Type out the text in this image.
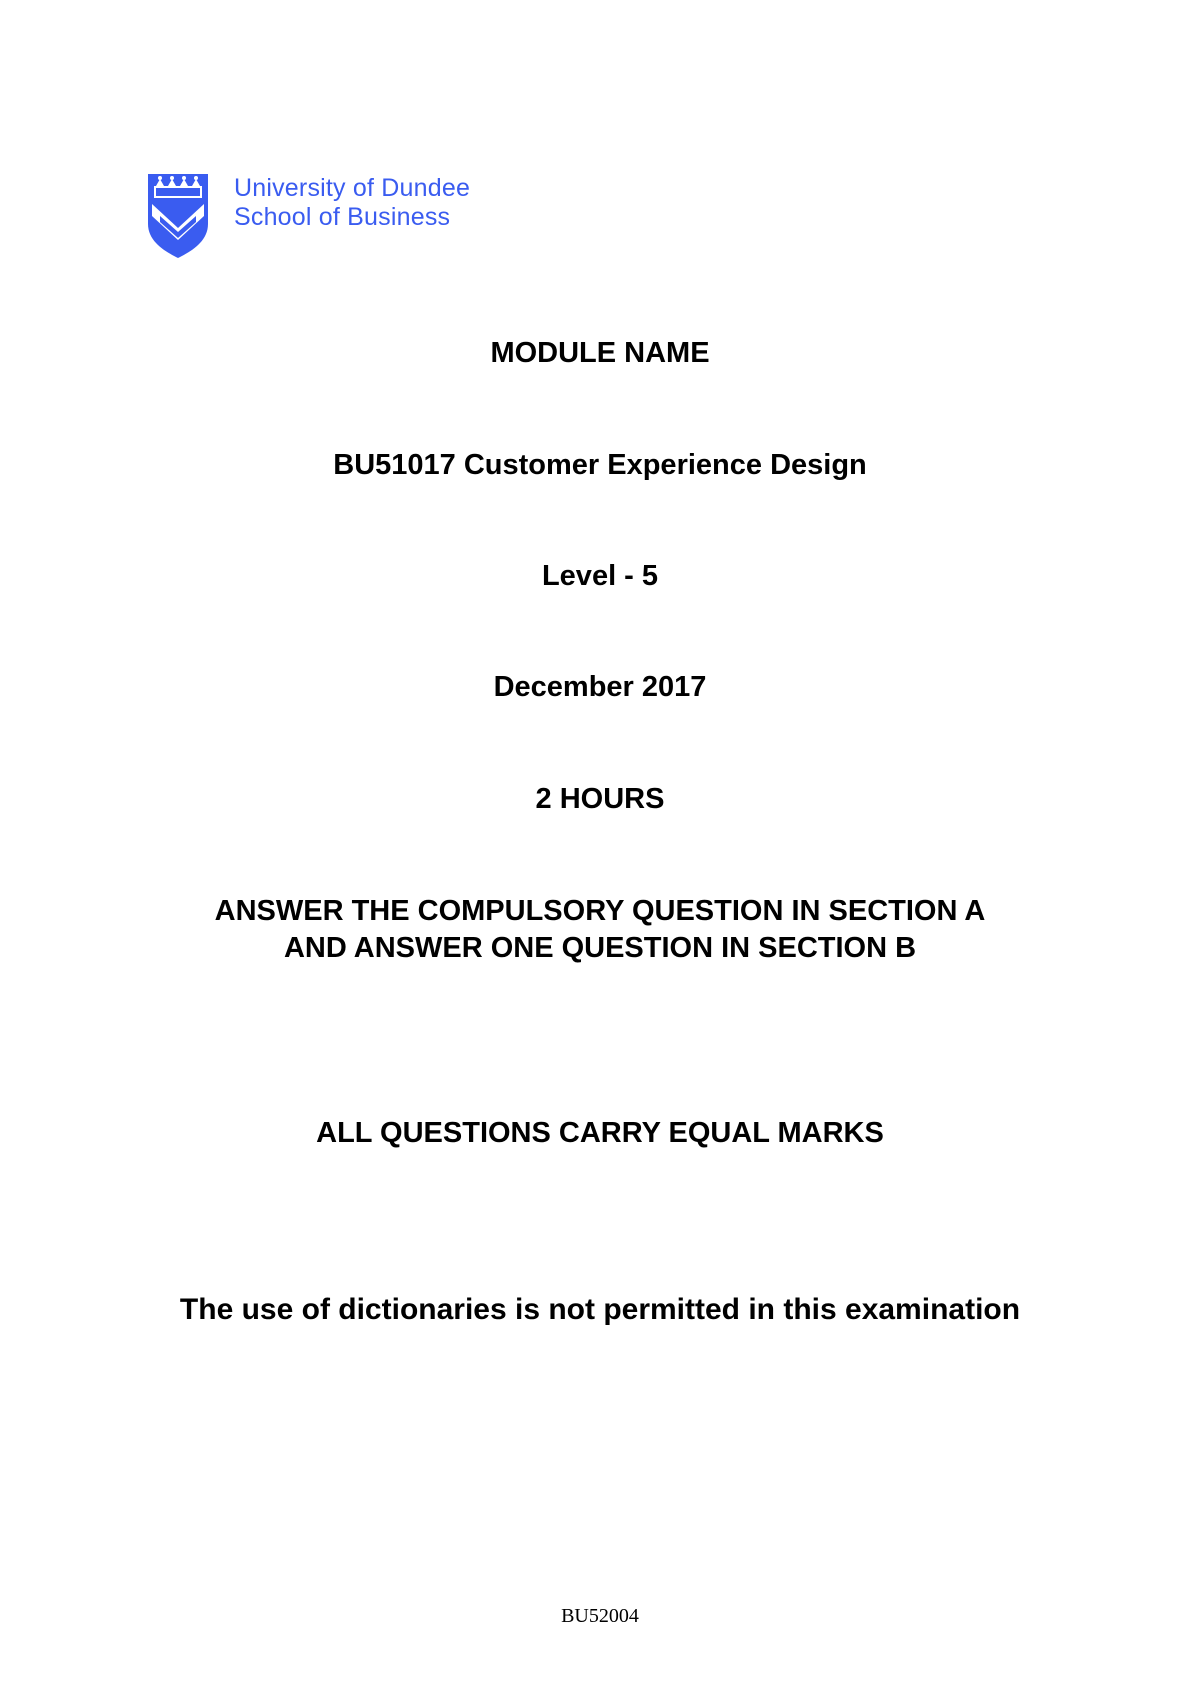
University of Dundee
School of Business
MODULE NAME
BU51017 Customer Experience Design
Level - 5
December 2017
2 HOURS
ANSWER THE COMPULSORY QUESTION IN SECTION A
AND ANSWER ONE QUESTION IN SECTION B
ALL QUESTIONS CARRY EQUAL MARKS
The use of dictionaries is not permitted in this examination
BU52004
